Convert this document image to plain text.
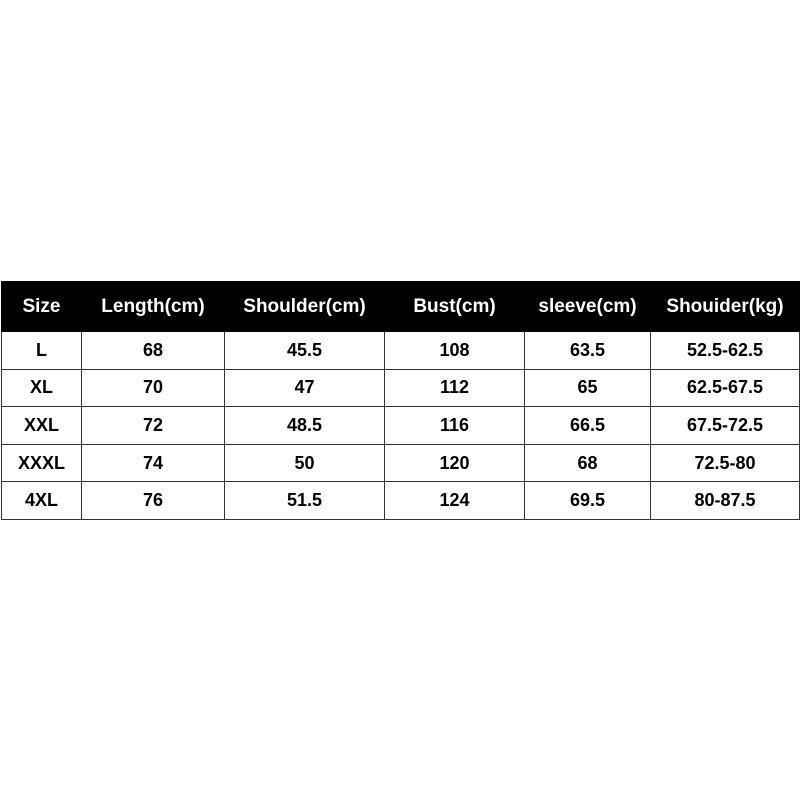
Size	Length(cm)	Shoulder(cm)	Bust(cm)	sleeve(cm)	Shouider(kg)
L	68	45.5	108	63.5	52.5-62.5
XL	70	47	112	65	62.5-67.5
XXL	72	48.5	116	66.5	67.5-72.5
XXXL	74	50	120	68	72.5-80
4XL	76	51.5	124	69.5	80-87.5
